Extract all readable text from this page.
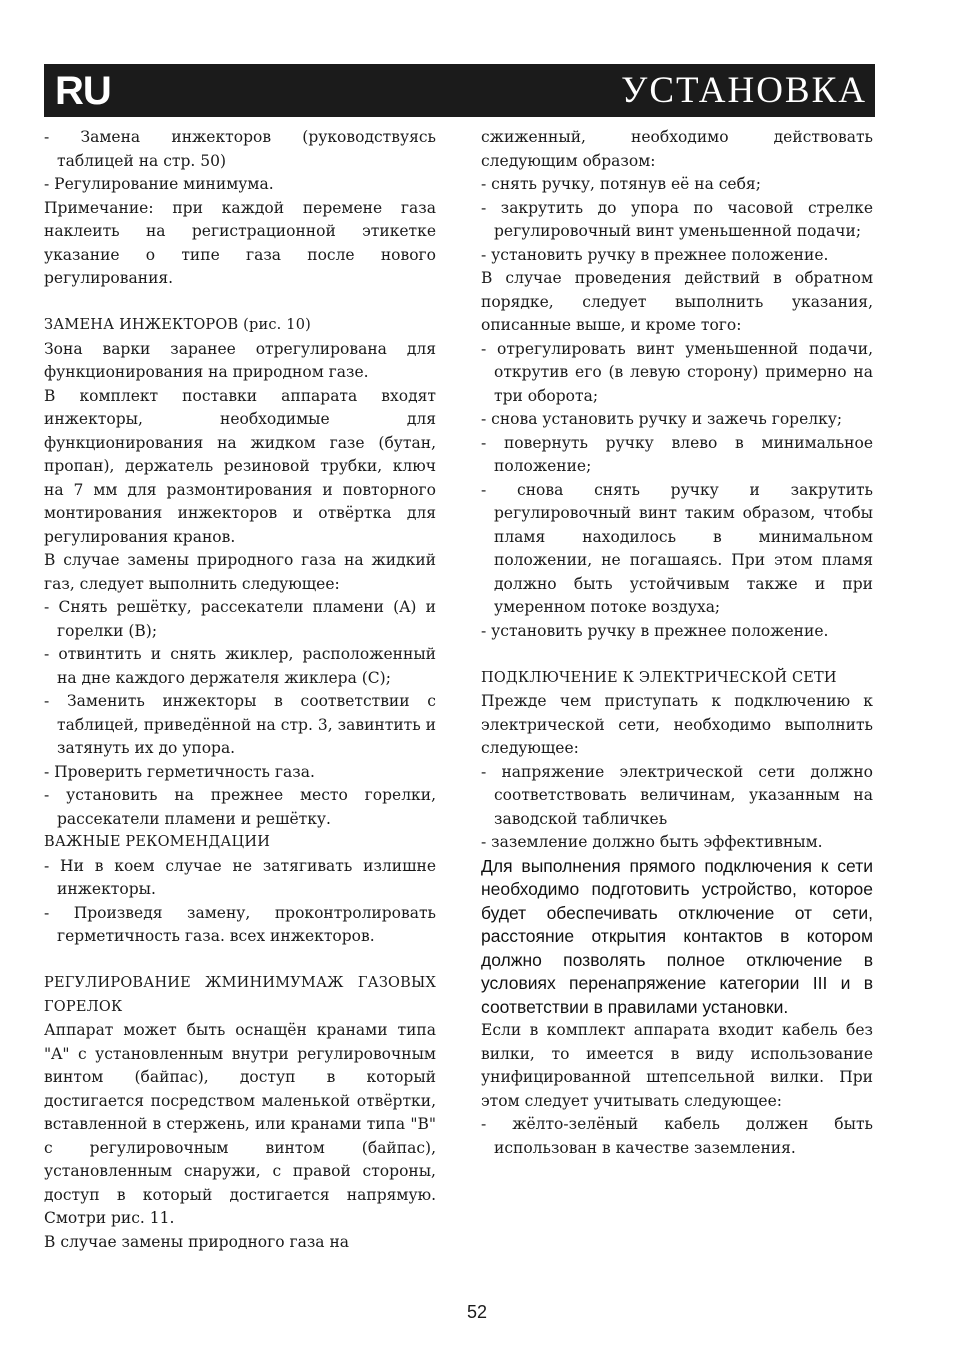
RU	УСТАНОВКА

- Замена инжекторов (руководствуясь таблицей на стр. 50)

- Регулирование минимума.

Примечание: при каждой перемене газа наклеить на регистрационной этикетке указание о типе газа после нового регулирования.

ЗАМЕНА ИНЖЕКТОРОВ (рис. 10)

Зона варки заранее отрегулирована для функционирования на природном газе.

В комплект поставки аппарата входят инжекторы, необходимые для функционирования на жидком газе (бутан, пропан), держатель резиновой трубки, ключ на 7 мм для размонтирования и повторного монтирования инжекторов и отвёртка для регулирования кранов.

В случае замены природного газа на жидкий газ, следует выполнить следующее:

- Снять решётку, рассекатели пламени (A) и горелки (B);

- отвинтить и снять жиклер, расположенный на дне каждого держателя жиклера (C);

- Заменить инжекторы в соответствии с таблицей, приведённой на стр. 3, завинтить и затянуть их до упора.

- Проверить герметичность газа.

- установить на прежнее место горелки, рассекатели пламени и решётку.

ВАЖНЫЕ РЕКОМЕНДАЦИИ

- Ни в коем случае не затягивать излишне инжекторы.

- Произведя замену, проконтролировать герметичность газа. всех инжекторов.

РЕГУЛИРОВАНИЕ ЖМИНИМУМАЖ ГАЗОВЫХ ГОРЕЛОК

Аппарат может быть оснащён кранами типа "A" с установленным внутри регулировочным винтом (байпас), доступ в который достигается посредством маленькой отвёртки, вставленной в стержень, или кранами типа "B" с регулировочным винтом (байпас), установленным снаружи, с правой стороны, доступ в который достигается напрямую. Смотри рис. 11.

В случае замены природного газа на

сжиженный, необходимо действовать следующим образом:

- снять ручку, потянув её на себя;

- закрутить до упора по часовой стрелке регулировочный винт уменьшенной подачи;

- установить ручку в прежнее положение.

В случае проведения действий в обратном порядке, следует выполнить указания, описанные выше, и кроме того:

- отрегулировать винт уменьшенной подачи, открутив его (в левую сторону) примерно на три оборота;

- снова установить ручку и зажечь горелку;

- повернуть ручку влево в минимальное положение;

- снова снять ручку и закрутить регулировочный винт таким образом, чтобы пламя находилось в минимальном положении, не погашаясь. При этом пламя должно быть устойчивым также и при умеренном потоке воздуха;

- установить ручку в прежнее положение.

ПОДКЛЮЧЕНИЕ К ЭЛЕКТРИЧЕСКОЙ СЕТИ

Прежде чем приступать к подключению к электрической сети, необходимо выполнить следующее:

- напряжение электрической сети должно соответствовать величинам, указанным на заводской табличкеь

- заземление должно быть эффективным.

Для выполнения прямого подключения к сети необходимо подготовить устройство, которое будет обеспечивать отключение от сети, расстояние открытия контактов в котором должно позволять полное отключение в условиях перенапряжение категории III и в соответствии в правилами установки.

Если в комплект аппарата входит кабель без вилки, то имеется в виду использование унифицированной штепсельной вилки. При этом следует учитывать следующее:

- жёлто-зелёный кабель должен быть использован в качестве заземления.

52
